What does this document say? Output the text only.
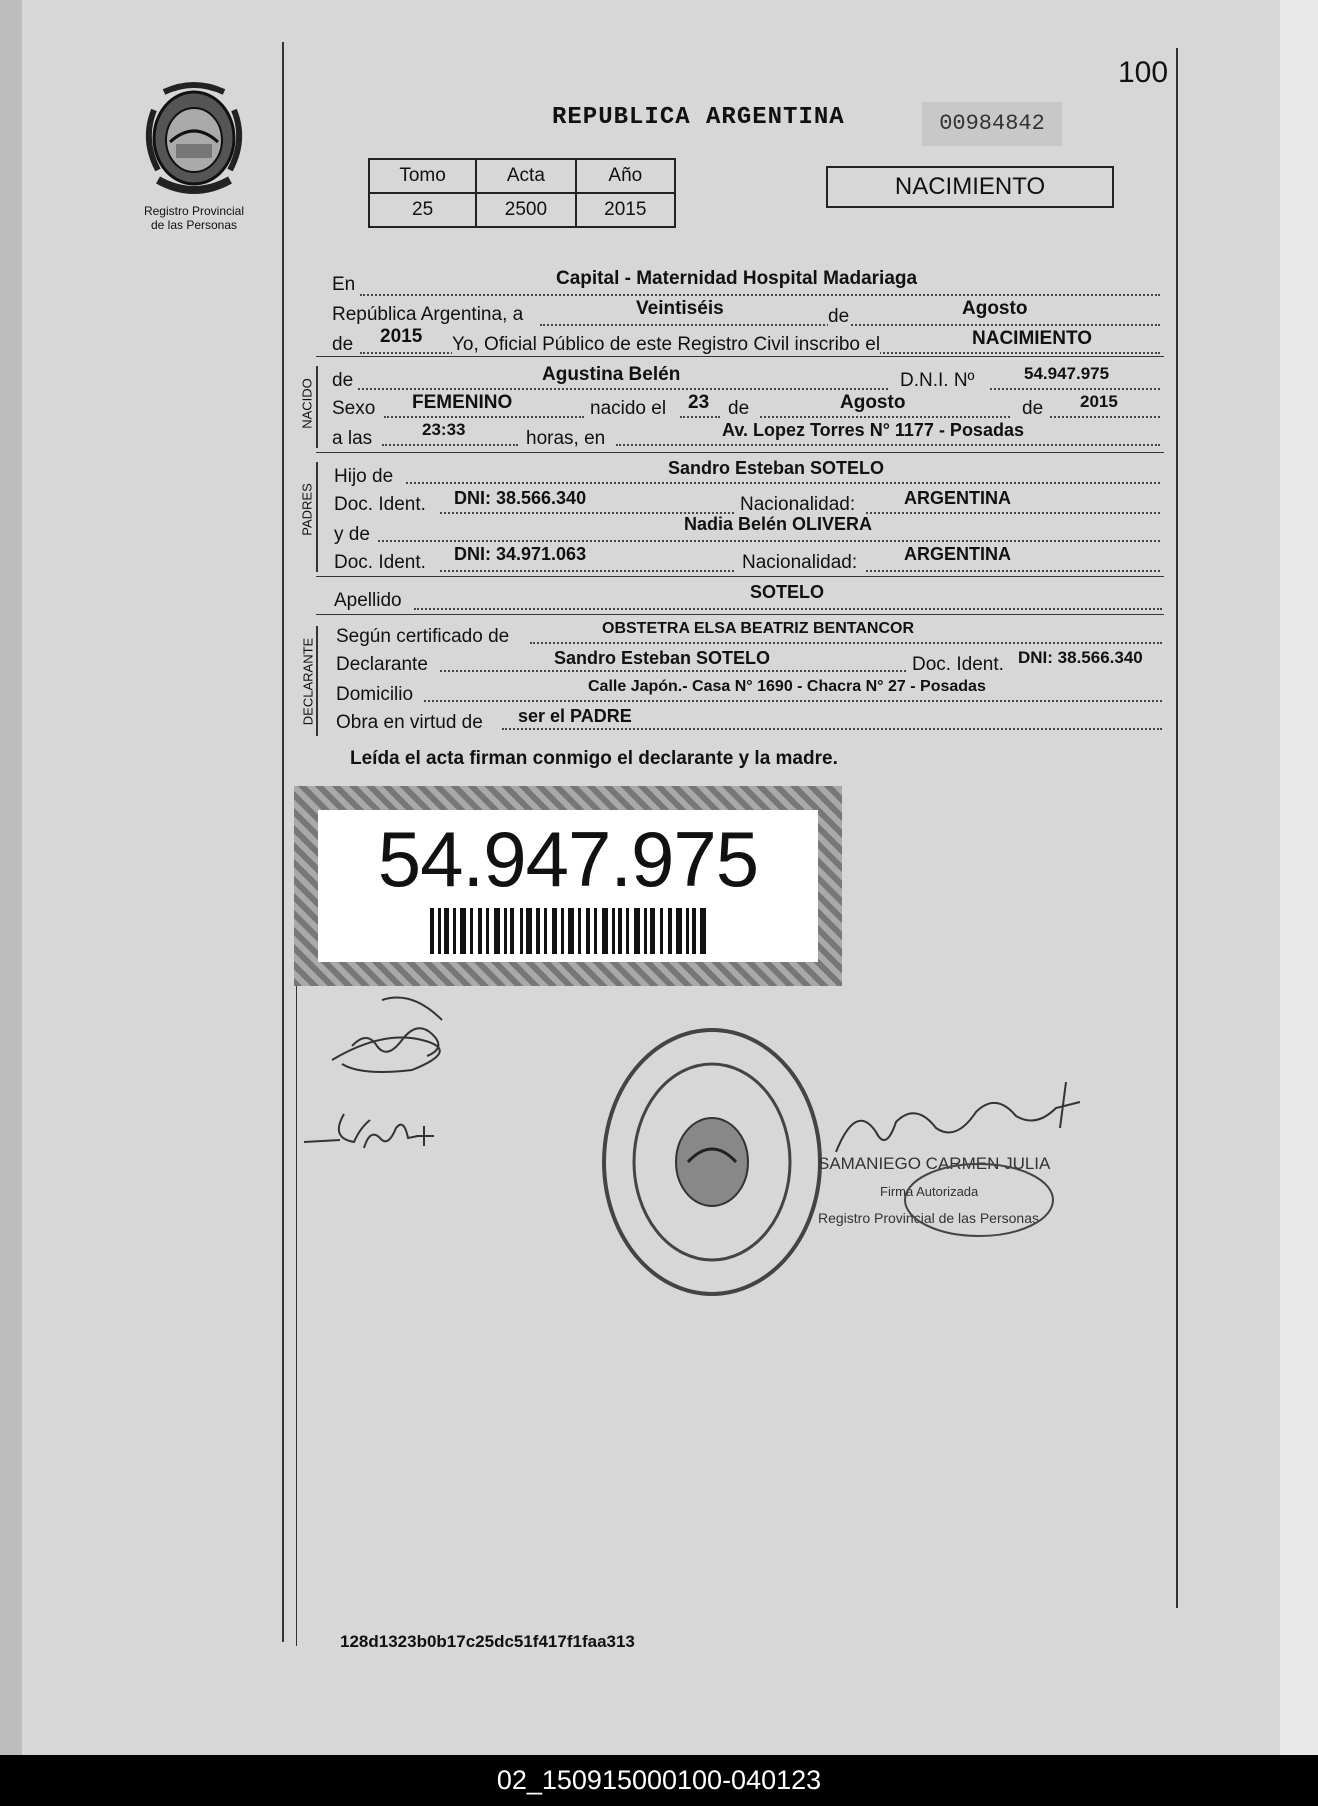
Registro Provincial
de las Personas
100
REPUBLICA ARGENTINA	00984842
Tomo	Acta	Año
25	2500	2015
NACIMIENTO
En	Capital - Maternidad Hospital Madariaga
República Argentina, a	Veintiséis	de	Agosto
de 2015 Yo, Oficial Público de este Registro Civil inscribo el	NACIMIENTO
NACIDO de	Agustina Belén	D.N.I. Nº	54.947.975
Sexo FEMENINO	nacido el 23 de	Agosto	de 2015
a las	23:33	horas, en	Av. Lopez Torres N° 1177 - Posadas
PADRES
Hijo de	Sandro Esteban SOTELO
Doc. Ident. DNI: 38.566.340	Nacionalidad:	ARGENTINA
y de	Nadia Belén OLIVERA
Doc. Ident. DNI: 34.971.063	Nacionalidad:	ARGENTINA
Apellido	SOTELO
DECLARANTE
Según certificado de	OBSTETRA ELSA BEATRIZ BENTANCOR
Declarante	Sandro Esteban SOTELO	Doc. Ident. DNI: 38.566.340
Domicilio	Calle Japón.- Casa N° 1690 - Chacra N° 27 - Posadas
Obra en virtud de ser el PADRE
Leída el acta firman conmigo el declarante y la madre.
54.947.975
SAMANIEGO CARMEN JULIA
Firma Autorizada
Registro Provincial de las Personas
128d1323b0b17c25dc51f417f1faa313
02_150915000100-040123
